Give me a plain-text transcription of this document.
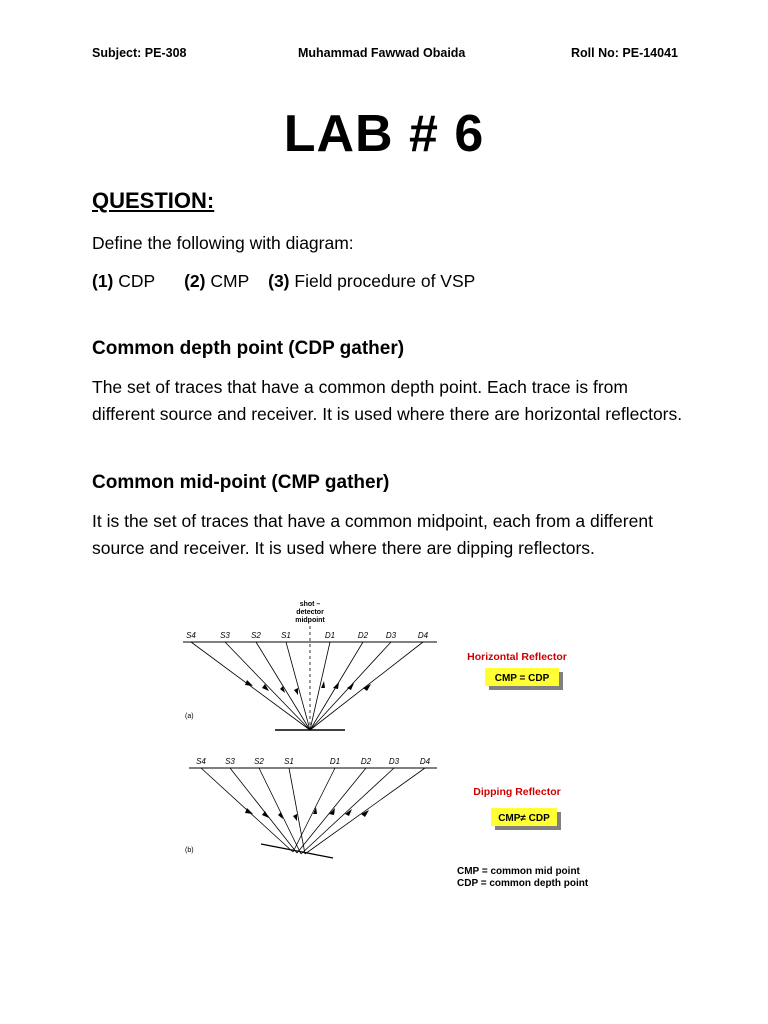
Subject: PE-308	Muhammad Fawwad Obaida	Roll No: PE-14041
LAB # 6
QUESTION:
Define the following with diagram:
(1) CDP (2) CMP (3) Field procedure of VSP
Common depth point (CDP gather)
The set of traces that have a common depth point. Each trace is from different source and receiver. It is used where there are horizontal reflectors.
Common mid-point (CMP gather)
It is the set of traces that have a common midpoint, each from a different source and receiver. It is used where there are dipping reflectors.
shot –
detector
midpoint
S4	S3	S2	S1	D1	D2 D3	D4
(a)
Horizontal Reflector
CMP = CDP
S4 S3 S2	S1	D1	D2 D3	D4
(b)
Dipping Reflector
CMP≠ CDP
CMP = common mid point
CDP = common depth point
